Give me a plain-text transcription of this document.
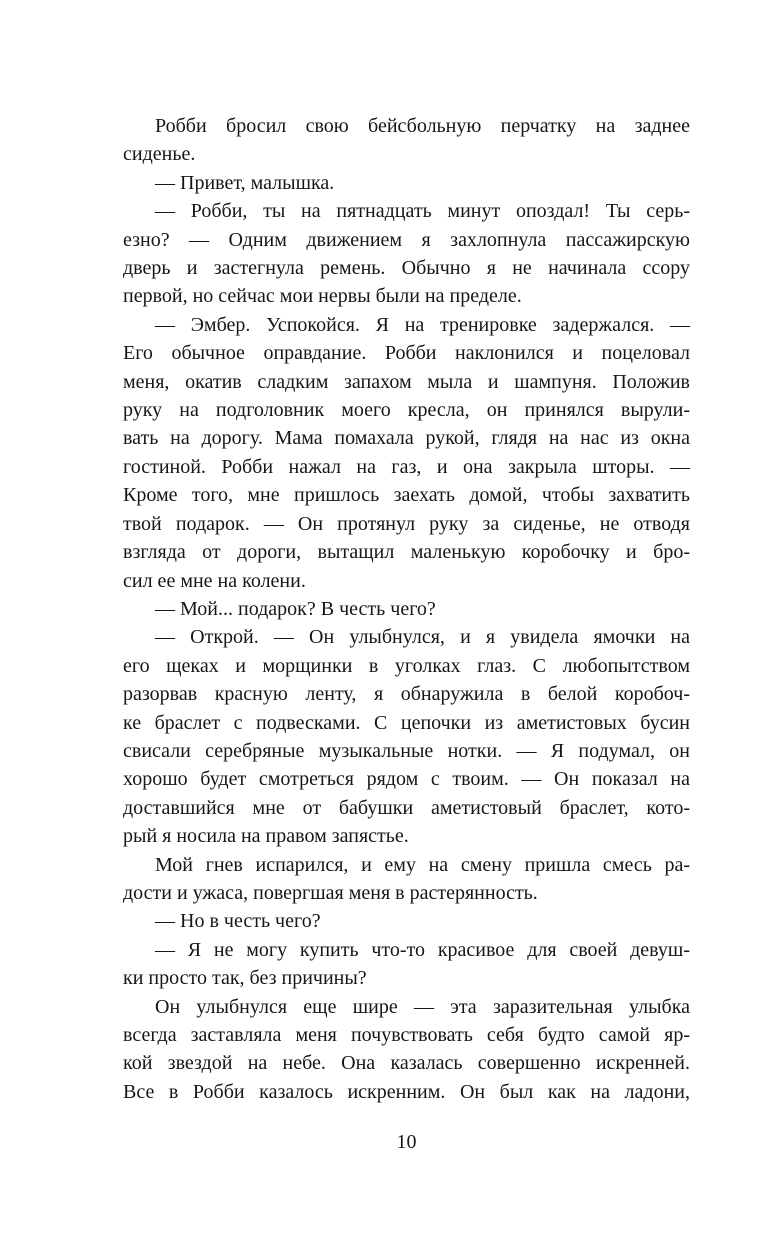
Робби бросил свою бейсбольную перчатку на заднее
сиденье.
— Привет, малышка.
— Робби, ты на пятнадцать минут опоздал! Ты серь-
езно? — Одним движением я захлопнула пассажирскую
дверь и застегнула ремень. Обычно я не начинала ссору
первой, но сейчас мои нервы были на пределе.
— Эмбер. Успокойся. Я на тренировке задержался. —
Его обычное оправдание. Робби наклонился и поцеловал
меня, окатив сладким запахом мыла и шампуня. Положив
руку на подголовник моего кресла, он принялся вырули-
вать на дорогу. Мама помахала рукой, глядя на нас из окна
гостиной. Робби нажал на газ, и она закрыла шторы. —
Кроме того, мне пришлось заехать домой, чтобы захватить
твой подарок. — Он протянул руку за сиденье, не отводя
взгляда от дороги, вытащил маленькую коробочку и бро-
сил ее мне на колени.
— Мой... подарок? В честь чего?
— Открой. — Он улыбнулся, и я увидела ямочки на
его щеках и морщинки в уголках глаз. С любопытством
разорвав красную ленту, я обнаружила в белой коробоч-
ке браслет с подвесками. С цепочки из аметистовых бусин
свисали серебряные музыкальные нотки. — Я подумал, он
хорошо будет смотреться рядом с твоим. — Он показал на
доставшийся мне от бабушки аметистовый браслет, кото-
рый я носила на правом запястье.
Мой гнев испарился, и ему на смену пришла смесь ра-
дости и ужаса, повергшая меня в растерянность.
— Но в честь чего?
— Я не могу купить что-то красивое для своей девуш-
ки просто так, без причины?
Он улыбнулся еще шире — эта заразительная улыбка
всегда заставляла меня почувствовать себя будто самой яр-
кой звездой на небе. Она казалась совершенно искренней.
Все в Робби казалось искренним. Он был как на ладони,
10
